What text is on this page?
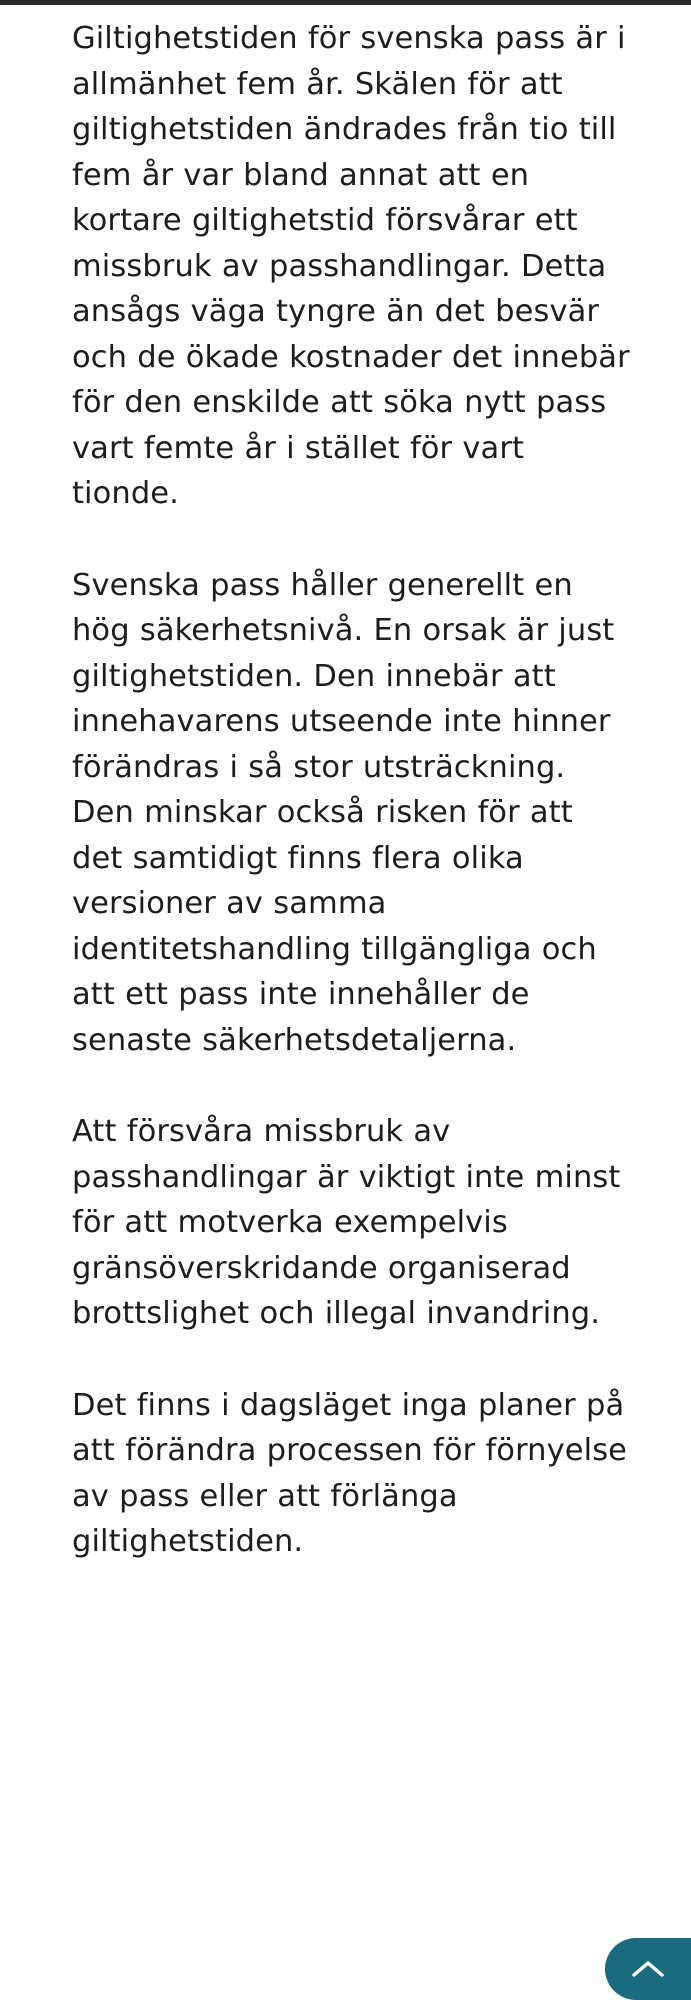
Giltighetstiden för svenska pass är i allmänhet fem år. Skälen för att giltighetstiden ändrades från tio till fem år var bland annat att en kortare giltighetstid försvårar ett missbruk av passhandlingar. Detta ansågs väga tyngre än det besvär och de ökade kostnader det innebär för den enskilde att söka nytt pass vart femte år i stället för vart tionde.

Svenska pass håller generellt en hög säkerhetsnivå. En orsak är just giltighetstiden. Den innebär att innehavarens utseende inte hinner förändras i så stor utsträckning. Den minskar också risken för att det samtidigt finns flera olika versioner av samma identitetshandling tillgängliga och att ett pass inte innehåller de senaste säkerhetsdetaljerna.

Att försvåra missbruk av passhandlingar är viktigt inte minst för att motverka exempelvis gränsöverskridande organiserad brottslighet och illegal invandring.

Det finns i dagsläget inga planer på att förändra processen för förnyelse av pass eller att förlänga giltighetstiden.
